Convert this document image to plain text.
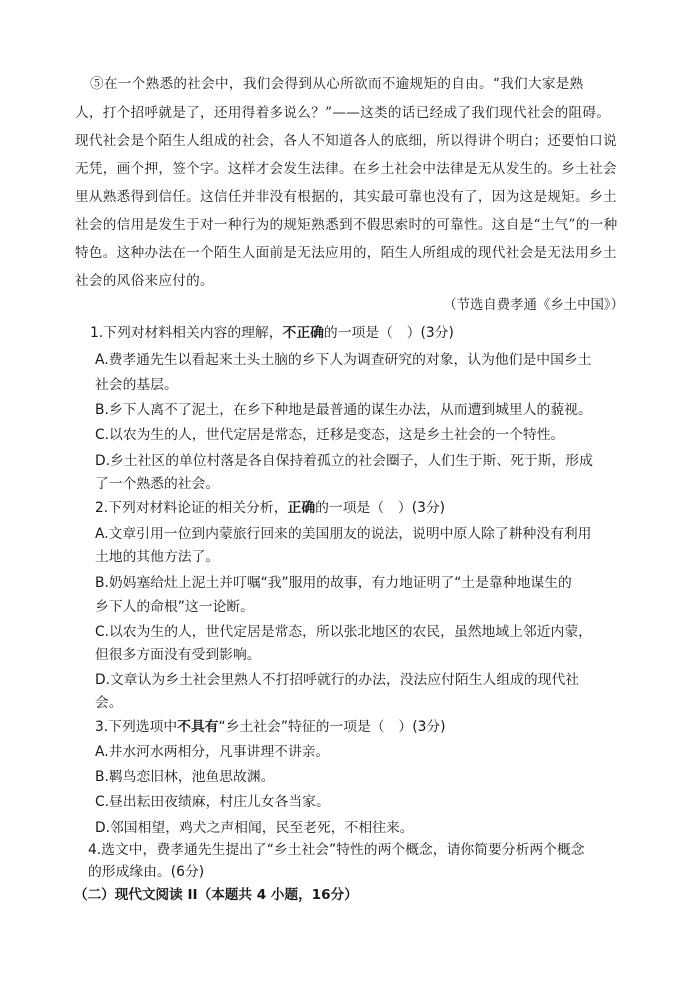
⑤在一个熟悉的社会中，我们会得到从心所欲而不逾规矩的自由。“我们大家是熟
人，打个招呼就是了，还用得着多说么？”——这类的话已经成了我们现代社会的阻碍。
现代社会是个陌生人组成的社会，各人不知道各人的底细，所以得讲个明白；还要怕口说
无凭，画个押，签个字。这样才会发生法律。在乡土社会中法律是无从发生的。乡土社会
里从熟悉得到信任。这信任并非没有根据的，其实最可靠也没有了，因为这是规矩。乡土
社会的信用是发生于对一种行为的规矩熟悉到不假思索时的可靠性。这自是“土气”的一种
特色。这种办法在一个陌生人面前是无法应用的，陌生人所组成的现代社会是无法用乡土
社会的风俗来应付的。
（节选自费孝通《乡土中国》）
1.下列对材料相关内容的理解，不正确的一项是（　）(3分)
A.费孝通先生以看起来土头土脑的乡下人为调查研究的对象，认为他们是中国乡土
社会的基层。
B.乡下人离不了泥土，在乡下种地是最普通的谋生办法，从而遭到城里人的藐视。
C.以农为生的人，世代定居是常态，迁移是变态，这是乡土社会的一个特性。
D.乡土社区的单位村落是各自保持着孤立的社会圈子，人们生于斯、死于斯，形成
了一个熟悉的社会。
2.下列对材料论证的相关分析，正确的一项是（　）(3分)
A.文章引用一位到内蒙旅行回来的美国朋友的说法，说明中原人除了耕种没有利用
土地的其他方法了。
B.奶妈塞给灶上泥土并叮嘱“我”服用的故事，有力地证明了“土是靠种地谋生的
乡下人的命根”这一论断。
C.以农为生的人，世代定居是常态，所以张北地区的农民，虽然地域上邻近内蒙，
但很多方面没有受到影响。
D.文章认为乡土社会里熟人不打招呼就行的办法，没法应付陌生人组成的现代社
会。
3.下列选项中不具有“乡土社会”特征的一项是（　）(3分)
A.井水河水两相分，凡事讲理不讲亲。
B.羁鸟恋旧林，池鱼思故渊。
C.昼出耘田夜绩麻，村庄儿女各当家。
D.邻国相望，鸡犬之声相闻，民至老死，不相往来。
4.选文中，费孝通先生提出了“乡土社会”特性的两个概念，请你简要分析两个概念
的形成缘由。(6分)
（二）现代文阅读 II（本题共 4 小题，16分）
